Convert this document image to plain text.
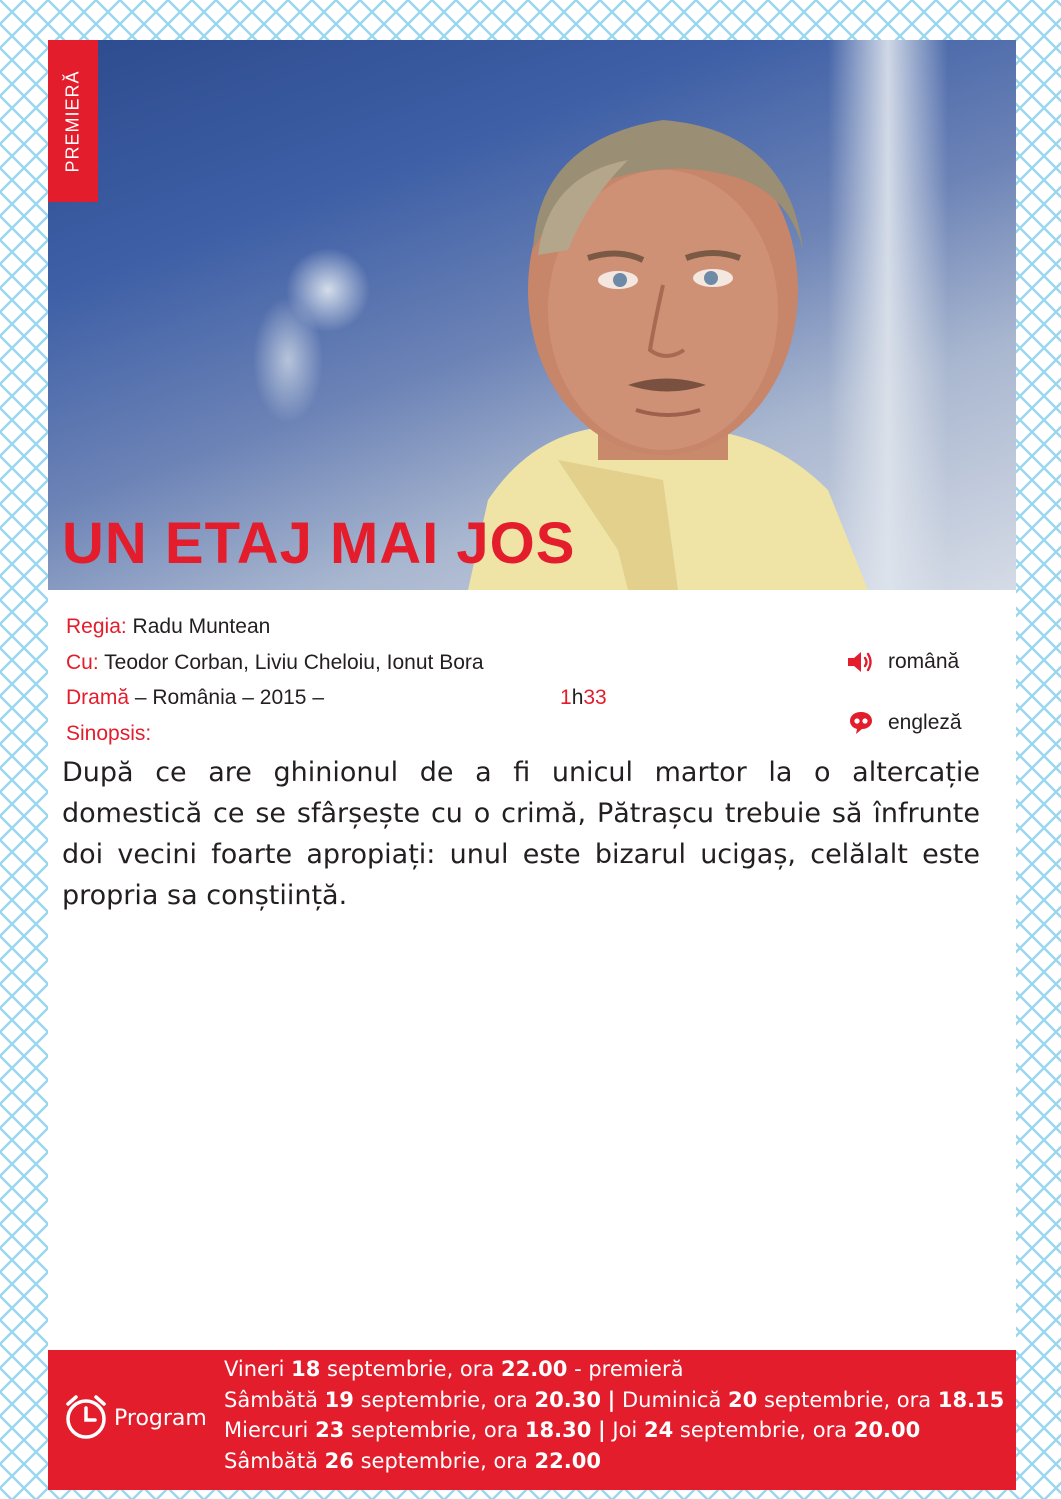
PREMIERĂ
UN ETAJ MAI JOS
Regia: Radu Muntean
Cu: Teodor Corban, Liviu Cheloiu, Ionut Bora
Dramă – România – 2015 –	1h33
Sinopsis:
română
engleză

După ce are ghinionul de a fi unicul martor la o altercație domestică ce se sfârșește cu o crimă, Pătrașcu trebuie să înfrunte doi vecini foarte apropiați: unul este bizarul ucigaș, celălalt este propria sa conștiință.

Program
Vineri 18 septembrie, ora 22.00 - premieră
Sâmbătă 19 septembrie, ora 20.30 | Duminică 20 septembrie, ora 18.15
Miercuri 23 septembrie, ora 18.30 | Joi 24 septembrie, ora 20.00
Sâmbătă 26 septembrie, ora 22.00
